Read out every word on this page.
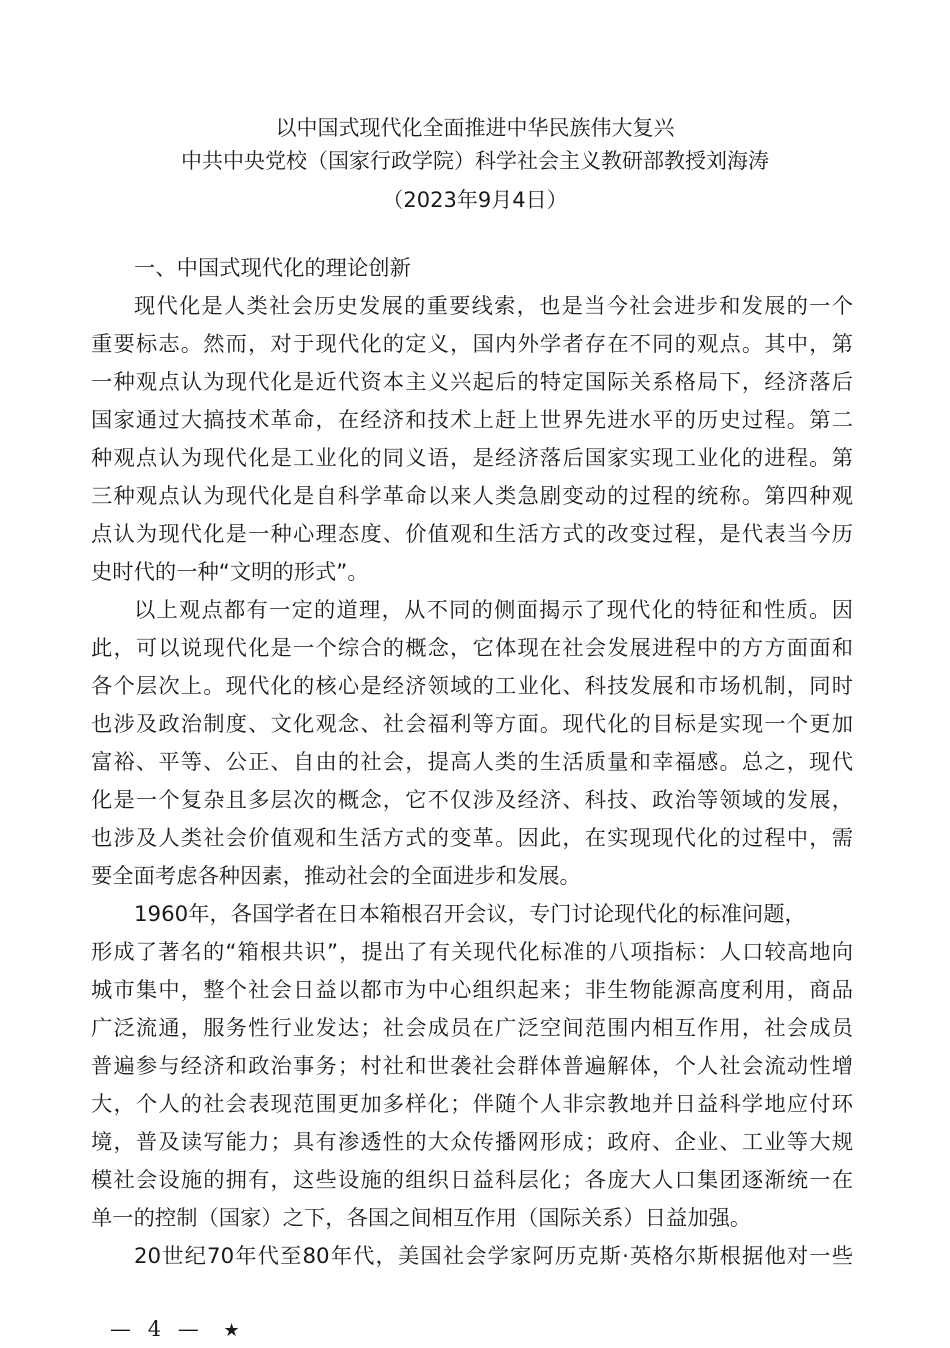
以中国式现代化全面推进中华民族伟大复兴
中共中央党校（国家行政学院）科学社会主义教研部教授刘海涛
（2023年9月4日）
一、中国式现代化的理论创新
现代化是人类社会历史发展的重要线索，也是当今社会进步和发展的一个
重要标志。然而，对于现代化的定义，国内外学者存在不同的观点。其中，第
一种观点认为现代化是近代资本主义兴起后的特定国际关系格局下，经济落后
国家通过大搞技术革命，在经济和技术上赶上世界先进水平的历史过程。第二
种观点认为现代化是工业化的同义语，是经济落后国家实现工业化的进程。第
三种观点认为现代化是自科学革命以来人类急剧变动的过程的统称。第四种观
点认为现代化是一种心理态度、价值观和生活方式的改变过程，是代表当今历
史时代的一种“文明的形式”。
以上观点都有一定的道理，从不同的侧面揭示了现代化的特征和性质。因
此，可以说现代化是一个综合的概念，它体现在社会发展进程中的方方面面和
各个层次上。现代化的核心是经济领域的工业化、科技发展和市场机制，同时
也涉及政治制度、文化观念、社会福利等方面。现代化的目标是实现一个更加
富裕、平等、公正、自由的社会，提高人类的生活质量和幸福感。总之，现代
化是一个复杂且多层次的概念，它不仅涉及经济、科技、政治等领域的发展，
也涉及人类社会价值观和生活方式的变革。因此，在实现现代化的过程中，需
要全面考虑各种因素，推动社会的全面进步和发展。
1960年，各国学者在日本箱根召开会议，专门讨论现代化的标准问题，
形成了著名的“箱根共识”，提出了有关现代化标准的八项指标：人口较高地向
城市集中，整个社会日益以都市为中心组织起来；非生物能源高度利用，商品
广泛流通，服务性行业发达；社会成员在广泛空间范围内相互作用，社会成员
普遍参与经济和政治事务；村社和世袭社会群体普遍解体，个人社会流动性增
大，个人的社会表现范围更加多样化；伴随个人非宗教地并日益科学地应付环
境，普及读写能力；具有渗透性的大众传播网形成；政府、企业、工业等大规
模社会设施的拥有，这些设施的组织日益科层化；各庞大人口集团逐渐统一在
单一的控制（国家）之下，各国之间相互作用（国际关系）日益加强。
20世纪70年代至80年代，美国社会学家阿历克斯·英格尔斯根据他对一些
— 4 — ★
